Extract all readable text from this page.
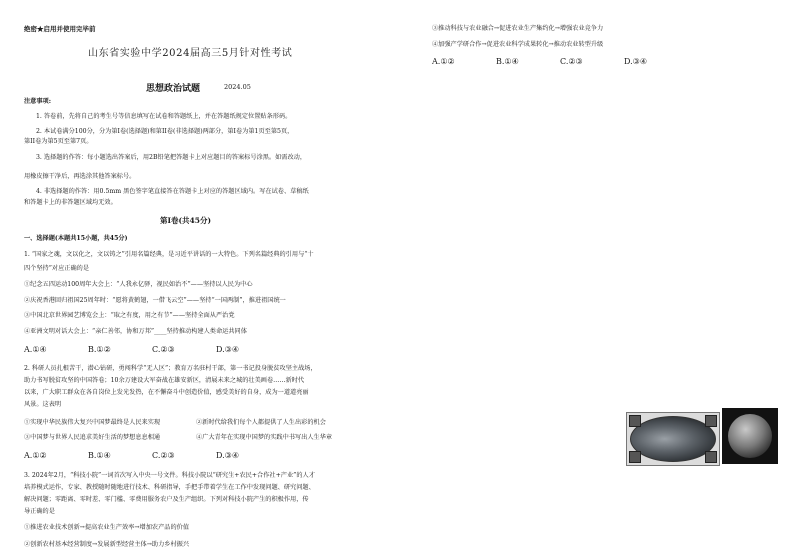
绝密★启用并使用完毕前
山东省实验中学2024届高三5月针对性考试
思想政治试题	2024.05
注意事项:
1. 答卷前，先将自己的考生号等信息填写在试卷和答题纸上，并在答题纸规定位置贴条形码。
2. 本试卷满分100分，分为第I卷(选择题)和第II卷(非选择题)两部分，第I卷为第1页至第5页，
第II卷为第5页至第7页。
3. 选择题的作答：每小题选出答案后，用2B铅笔把答题卡上对应题目的答案标号涂黑。如需改动，
用橡皮擦干净后，再选涂其他答案标号。
4. 非选择题的作答：用0.5mm 黑色签字笔直接答在答题卡上对应的答题区域内。写在试卷、草稿纸
和答题卡上的非答题区域均无效。
第I卷(共45分)
一、选择题(本题共15小题，共45分)
1. “国家之魂，文以化之，文以铸之”引用名篇经典，是习近平讲话的一大特色。下列名篇经典的引用与“十
四个坚持”对应正确的是
①纪念五四运动100周年大会上：“人我永亿驿，视民如治不”——坚持以人民为中心
②庆祝香港回归祖国25周年时：“愿将黄鹤翅，一借飞云空”——坚持“一国两制”，推进祖国统一
③中国北京世界园艺博览会上：“取之有度，用之有节”——坚持全面从严治党
④亚洲文明对话大会上：“亲仁善邻，协和万邦”____坚持推动构建人类命运共同体
A.①④	B.①②	C.②③	D.③④
2. 科研人员扎根苦干，潜心钻研，勇闯科学“无人区”；教育万名驻村干部，第一书记投身脱贫攻坚主战场，
助力书写脱贫攻坚的中国答卷；10余万建设大军奋战在雄安新区，清展未来之城的壮美画卷……新时代
以来，广大职工群众在各自岗位上发光发热，在不懈奋斗中创造价值，感受美好的自身，成为一道道亮丽
风景。这表明
①实现中华民族伟大复兴中国梦最终是人民来实现	②新时代给我们每个人都提供了人生出彩的机会
③中国梦与世界人民追求美好生活的梦想息息相通	④广大青年在实现中国梦的实践中书写出人生华章
A.①②	B.①④	C.②③	D.③④
3. 2024年2月，“科技小院”一词首次写入中央一号文件。科技小院以“研究生+农民+合作社+产业”的人才
培养模式运作，专家、教授随时随地进行技术、科研指导，手把手带着学生在工作中发现问题、研究问题、
解决问题；零距离、零时差、零门槛、零费用服务农户及生产组织。下列对科技小院产生的积极作用，传
导正确的是
①推进农业技术创新→提高农业生产效率→增加农产品的价值
②创新农村基本经营制度→发展新型经营主体→助力乡村振兴
③推动科技与农业融合→促进农业生产集约化→增强农业竞争力
④加强产学研合作→促进农业科学成果转化→推动农业转型升级
A.①②	B.①④	C.②③	D.③④
